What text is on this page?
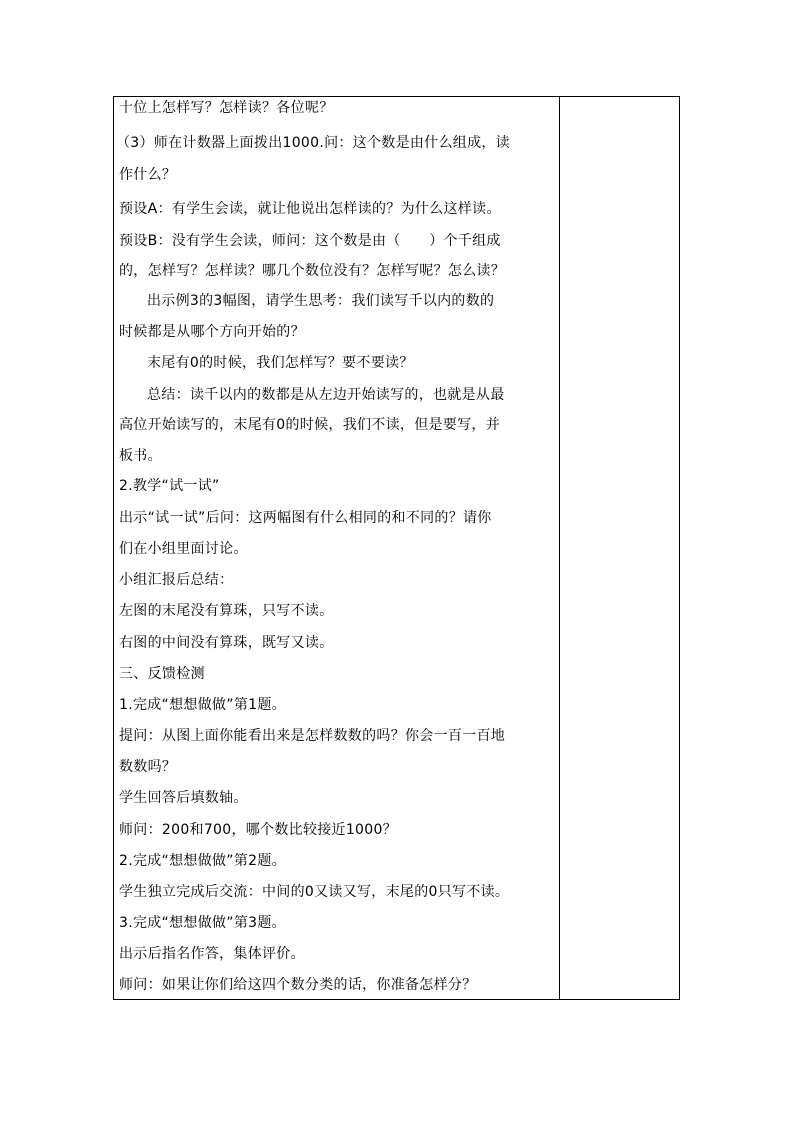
十位上怎样写？怎样读？各位呢？
（3）师在计数器上面拨出1000.问：这个数是由什么组成，读
作什么？
预设A：有学生会读，就让他说出怎样读的？为什么这样读。
预设B：没有学生会读，师问：这个数是由（　　）个千组成
的，怎样写？怎样读？哪几个数位没有？怎样写呢？怎么读？
出示例3的3幅图，请学生思考：我们读写千以内的数的
时候都是从哪个方向开始的？
末尾有0的时候，我们怎样写？要不要读？
总结：读千以内的数都是从左边开始读写的，也就是从最
高位开始读写的，末尾有0的时候，我们不读，但是要写，并
板书。
2.教学“试一试”
出示“试一试”后问：这两幅图有什么相同的和不同的？请你
们在小组里面讨论。
小组汇报后总结：
左图的末尾没有算珠，只写不读。
右图的中间没有算珠，既写又读。
三、反馈检测
1.完成“想想做做”第1题。
提问：从图上面你能看出来是怎样数数的吗？你会一百一百地
数数吗？
学生回答后填数轴。
师问：200和700，哪个数比较接近1000？
2.完成“想想做做”第2题。
学生独立完成后交流：中间的0又读又写，末尾的0只写不读。
3.完成“想想做做”第3题。
出示后指名作答，集体评价。
师问：如果让你们给这四个数分类的话，你准备怎样分？
